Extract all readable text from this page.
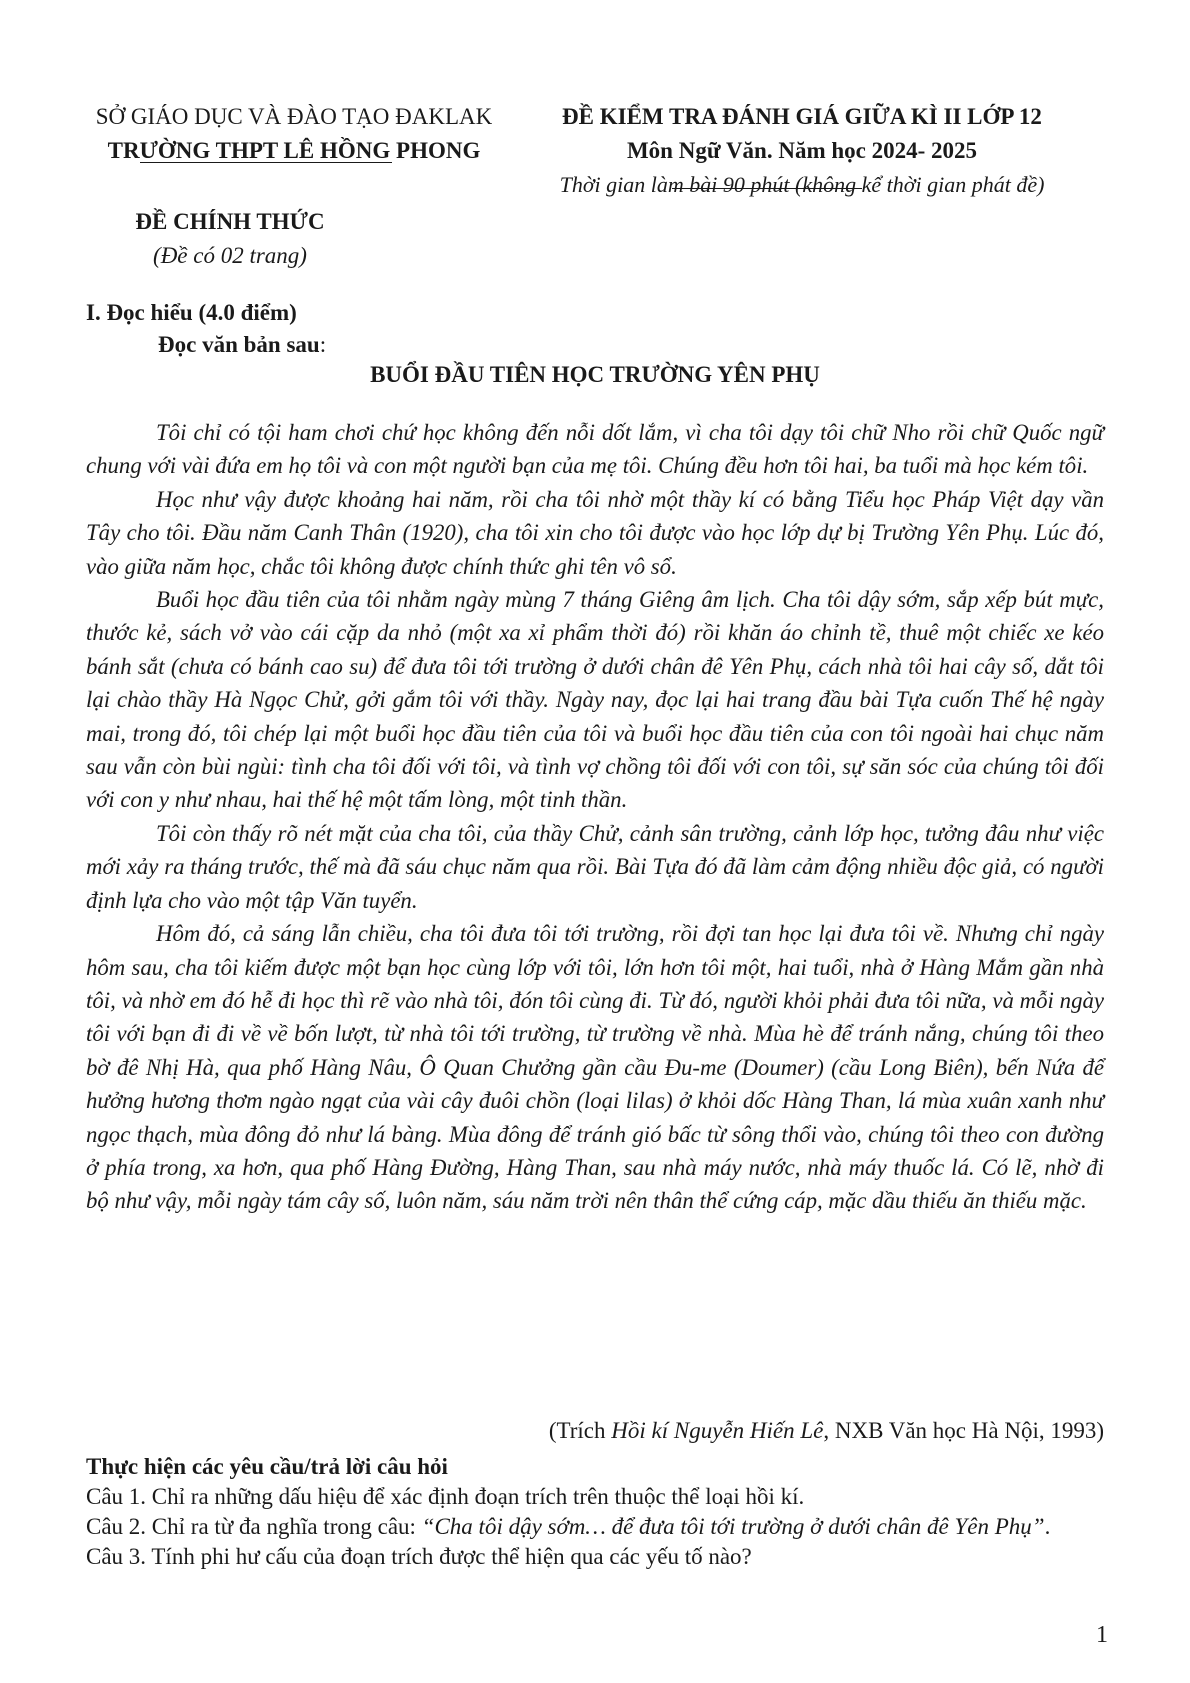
SỞ GIÁO DỤC VÀ ĐÀO TẠO ĐAKLAK
TRƯỜNG THPT LÊ HỒNG PHONG
ĐỀ KIỂM TRA ĐÁNH GIÁ GIỮA KÌ II LỚP 12
Môn Ngữ Văn. Năm học 2024- 2025
Thời gian làm bài 90 phút (không kể thời gian phát đề)
ĐỀ CHÍNH THỨC
(Đề có 02 trang)
I. Đọc hiểu (4.0 điểm)
Đọc văn bản sau:
BUỔI ĐẦU TIÊN HỌC TRƯỜNG YÊN PHỤ

Tôi chỉ có tội ham chơi chứ học không đến nỗi dốt lắm, vì cha tôi dạy tôi chữ Nho rồi chữ Quốc ngữ chung với vài đứa em họ tôi và con một người bạn của mẹ tôi. Chúng đều hơn tôi hai, ba tuổi mà học kém tôi.

Học như vậy được khoảng hai năm, rồi cha tôi nhờ một thầy kí có bằng Tiểu học Pháp Việt dạy vần Tây cho tôi. Đầu năm Canh Thân (1920), cha tôi xin cho tôi được vào học lớp dự bị Trường Yên Phụ. Lúc đó, vào giữa năm học, chắc tôi không được chính thức ghi tên vô sổ.

Buổi học đầu tiên của tôi nhằm ngày mùng 7 tháng Giêng âm lịch. Cha tôi dậy sớm, sắp xếp bút mực, thước kẻ, sách vở vào cái cặp da nhỏ (một xa xỉ phẩm thời đó) rồi khăn áo chỉnh tề, thuê một chiếc xe kéo bánh sắt (chưa có bánh cao su) để đưa tôi tới trường ở dưới chân đê Yên Phụ, cách nhà tôi hai cây số, dắt tôi lại chào thầy Hà Ngọc Chử, gởi gắm tôi với thầy. Ngày nay, đọc lại hai trang đầu bài Tựa cuốn Thế hệ ngày mai, trong đó, tôi chép lại một buổi học đầu tiên của tôi và buổi học đầu tiên của con tôi ngoài hai chục năm sau vẫn còn bùi ngùi: tình cha tôi đối với tôi, và tình vợ chồng tôi đối với con tôi, sự săn sóc của chúng tôi đối với con y như nhau, hai thế hệ một tấm lòng, một tinh thần.

Tôi còn thấy rõ nét mặt của cha tôi, của thầy Chử, cảnh sân trường, cảnh lớp học, tưởng đâu như việc mới xảy ra tháng trước, thế mà đã sáu chục năm qua rồi. Bài Tựa đó đã làm cảm động nhiều độc giả, có người định lựa cho vào một tập Văn tuyển.

Hôm đó, cả sáng lẫn chiều, cha tôi đưa tôi tới trường, rồi đợi tan học lại đưa tôi về. Nhưng chỉ ngày hôm sau, cha tôi kiếm được một bạn học cùng lớp với tôi, lớn hơn tôi một, hai tuổi, nhà ở Hàng Mắm gần nhà tôi, và nhờ em đó hễ đi học thì rẽ vào nhà tôi, đón tôi cùng đi. Từ đó, người khỏi phải đưa tôi nữa, và mỗi ngày tôi với bạn đi đi về về bốn lượt, từ nhà tôi tới trường, từ trường về nhà. Mùa hè để tránh nắng, chúng tôi theo bờ đê Nhị Hà, qua phố Hàng Nâu, Ô Quan Chưởng gần cầu Đu-me (Doumer) (cầu Long Biên), bến Nứa để hưởng hương thơm ngào ngạt của vài cây đuôi chồn (loại lilas) ở khỏi dốc Hàng Than, lá mùa xuân xanh như ngọc thạch, mùa đông đỏ như lá bàng. Mùa đông để tránh gió bấc từ sông thổi vào, chúng tôi theo con đường ở phía trong, xa hơn, qua phố Hàng Đường, Hàng Than, sau nhà máy nước, nhà máy thuốc lá. Có lẽ, nhờ đi bộ như vậy, mỗi ngày tám cây số, luôn năm, sáu năm trời nên thân thể cứng cáp, mặc dầu thiếu ăn thiếu mặc.

(Trích Hồi kí Nguyễn Hiến Lê, NXB Văn học Hà Nội, 1993)
Thực hiện các yêu cầu/trả lời câu hỏi
Câu 1. Chỉ ra những dấu hiệu để xác định đoạn trích trên thuộc thể loại hồi kí.
Câu 2. Chỉ ra từ đa nghĩa trong câu: “Cha tôi dậy sớm… để đưa tôi tới trường ở dưới chân đê Yên Phụ”.
Câu 3. Tính phi hư cấu của đoạn trích được thể hiện qua các yếu tố nào?
1
